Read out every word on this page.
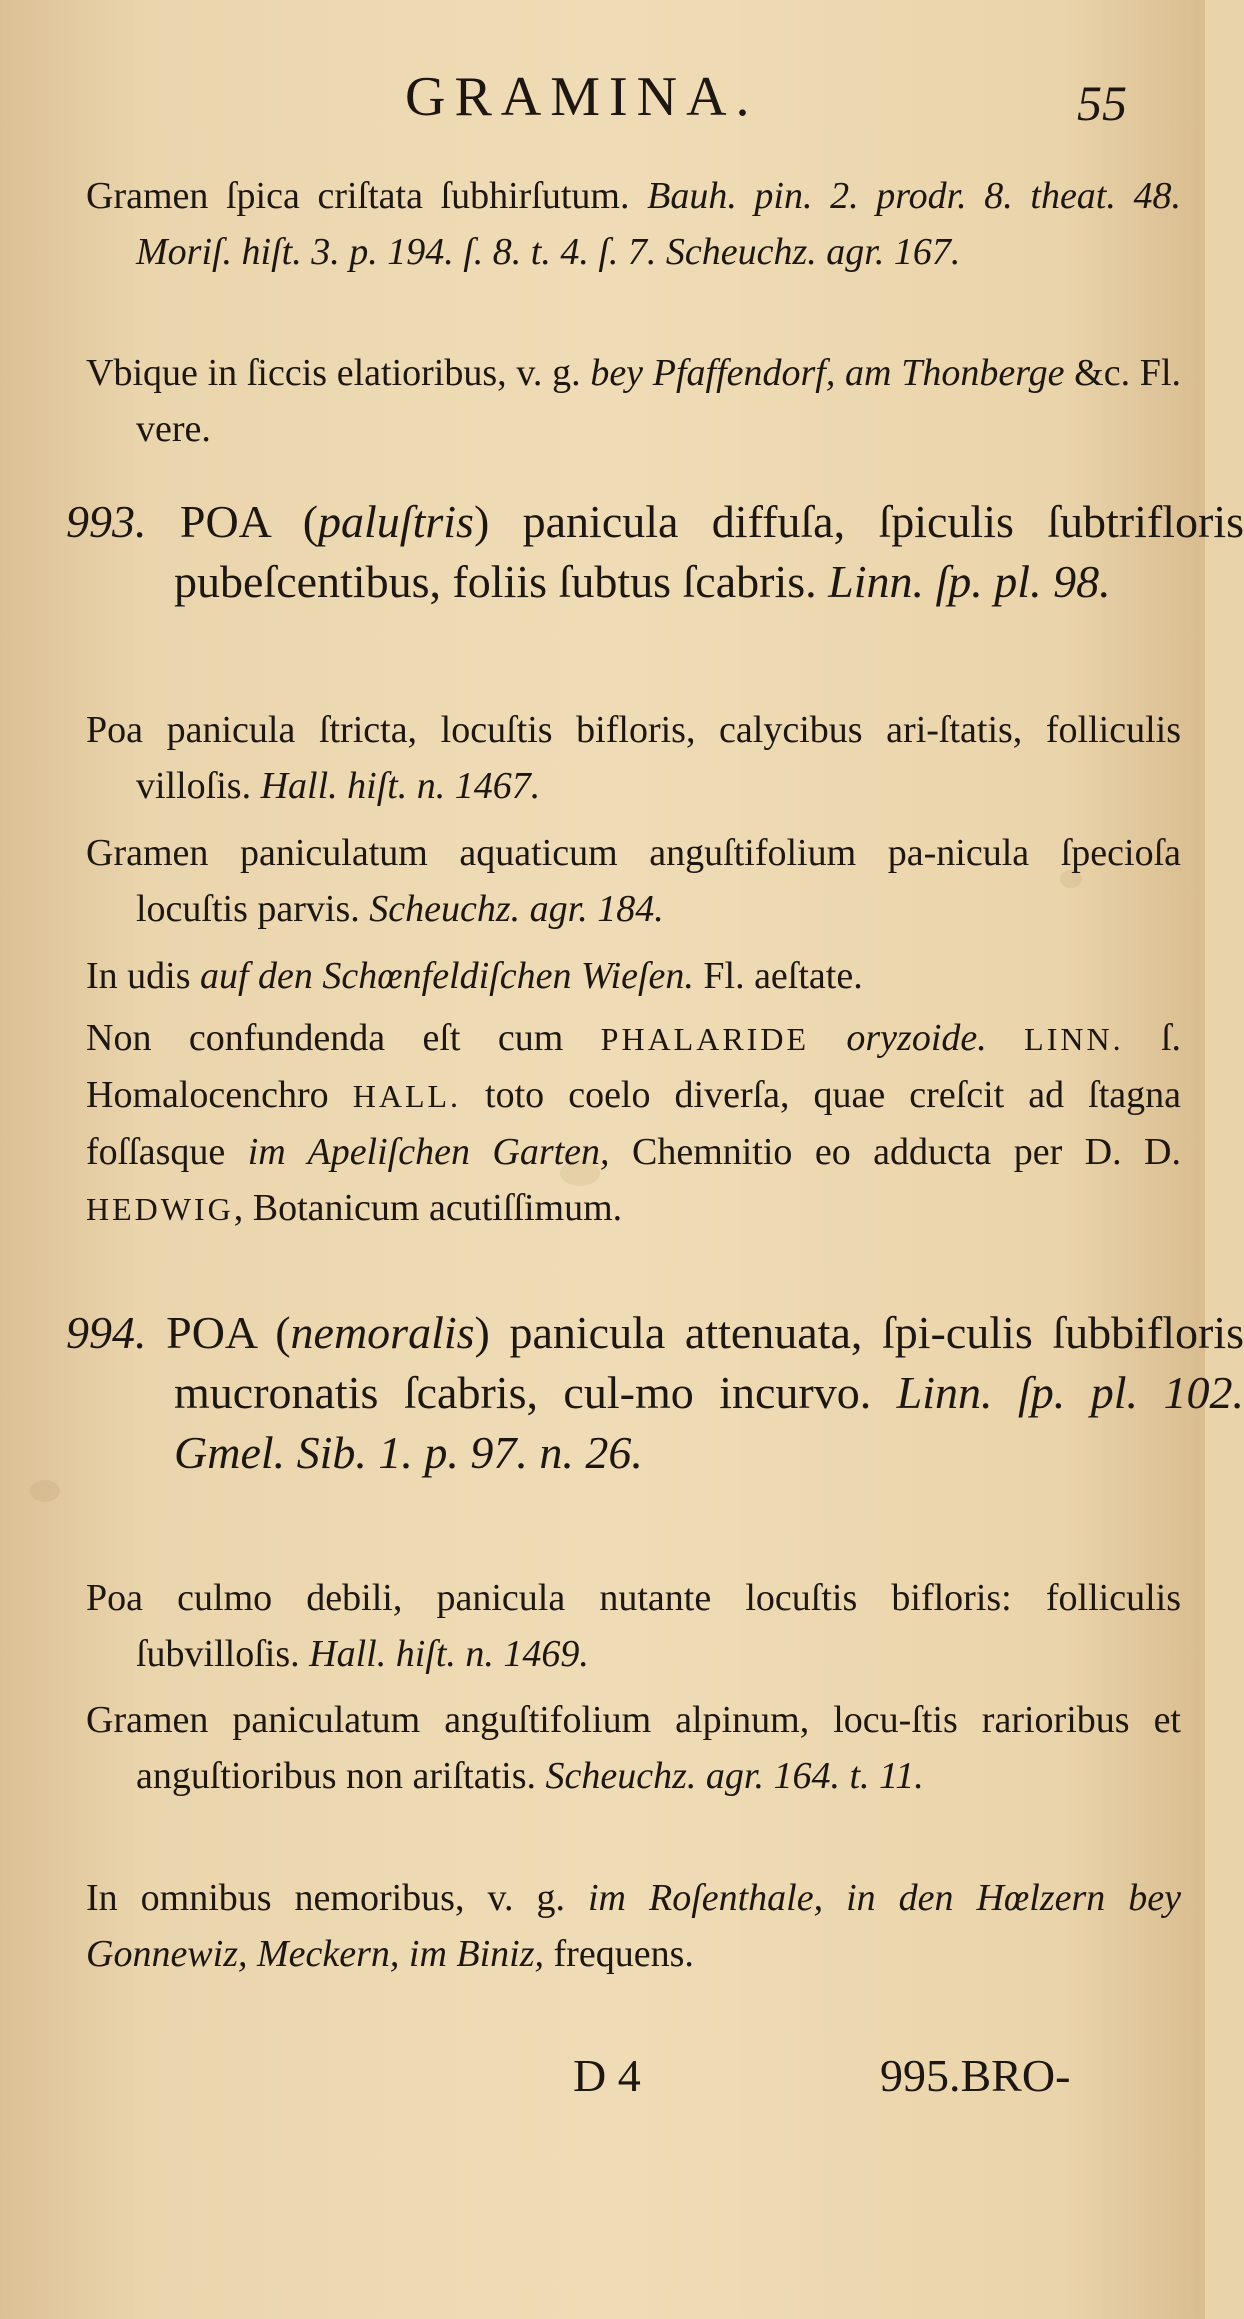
GRAMINA.	55
Gramen ſpica criſtata ſubhirſutum. Bauh. pin. 2. prodr. 8. theat. 48. Moriſ. hiſt. 3. p. 194. ſ. 8. t. 4. ſ. 7. Scheuchz. agr. 167.
Vbique in ſiccis elatioribus, v. g. bey Pfaffendorf, am Thonberge &c. Fl. vere.
993. POA (paluſtris) panicula diffuſa, ſpiculis ſubtrifloris pubeſcentibus, foliis ſubtus ſcabris. Linn. ſp. pl. 98.
Poa panicula ſtricta, locuſtis bifloris, calycibus ari-ſtatis, folliculis villoſis. Hall. hiſt. n. 1467.
Gramen paniculatum aquaticum anguſtifolium pa-nicula ſpecioſa locuſtis parvis. Scheuchz. agr. 184.
In udis auf den Schœnfeldiſchen Wieſen. Fl. aeſtate.
Non confundenda eſt cum PHALARIDE oryzoide. LINN. ſ. Homalocenchro HALL. toto coelo diverſa, quae creſcit ad ſtagna foſſasque im Apeliſchen Garten, Chemnitio eo adducta per D. D. HEDWIG, Botanicum acutiſſimum.
994. POA (nemoralis) panicula attenuata, ſpi-culis ſubbifloris mucronatis ſcabris, cul-mo incurvo. Linn. ſp. pl. 102. Gmel. Sib. 1. p. 97. n. 26.
Poa culmo debili, panicula nutante locuſtis bifloris: folliculis ſubvilloſis. Hall. hiſt. n. 1469.
Gramen paniculatum anguſtifolium alpinum, locu-ſtis rarioribus et anguſtioribus non ariſtatis. Scheuchz. agr. 164. t. 11.
In omnibus nemoribus, v. g. im Roſenthale, in den Hœlzern bey Gonnewiz, Meckern, im Biniz, frequens.
D 4	995.BRO-
